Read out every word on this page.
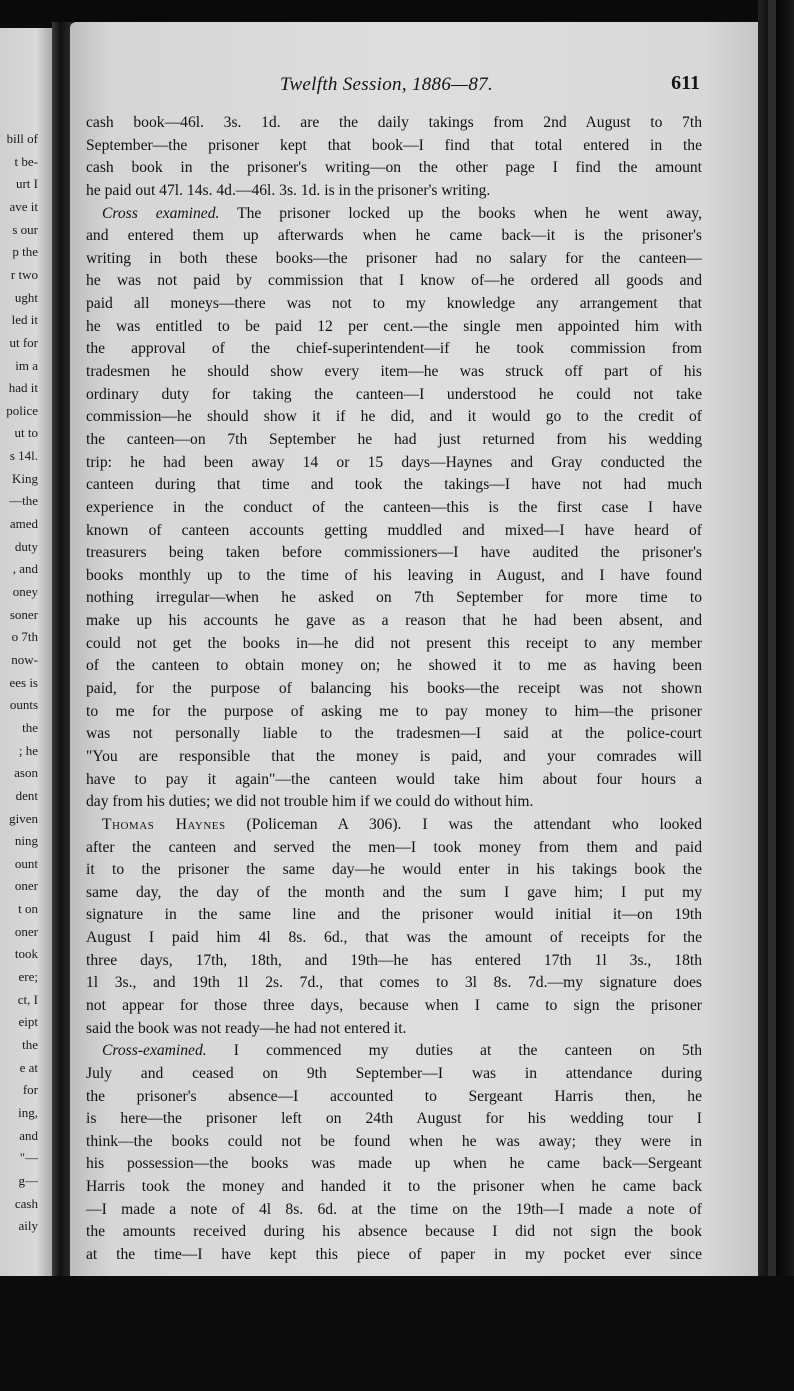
bill of
t be-
urt I
ave it
s our
p the
r two
ught
led it
ut for
im a
had it
police
ut to
s 14l.
King
—the
amed
duty
, and
oney
soner
o 7th
now-
ees is
ounts
the
; he
ason
dent
given
ning
ount
oner
t on
oner
took
ere;
ct, I
eipt
the
e at
for
ing,
and
"—
g—
cash
aily
Twelfth Session, 1886—87.	611
cash book—46l. 3s. 1d. are the daily takings from 2nd August to 7th
September—the prisoner kept that book—I find that total entered in the
cash book in the prisoner's writing—on the other page I find the amount
he paid out 47l. 14s. 4d.—46l. 3s. 1d. is in the prisoner's writing.
Cross examined. The prisoner locked up the books when he went away,
and entered them up afterwards when he came back—it is the prisoner's
writing in both these books—the prisoner had no salary for the canteen—
he was not paid by commission that I know of—he ordered all goods and
paid all moneys—there was not to my knowledge any arrangement that
he was entitled to be paid 12 per cent.—the single men appointed him with
the approval of the chief-superintendent—if he took commission from
tradesmen he should show every item—he was struck off part of his
ordinary duty for taking the canteen—I understood he could not take
commission—he should show it if he did, and it would go to the credit of
the canteen—on 7th September he had just returned from his wedding
trip: he had been away 14 or 15 days—Haynes and Gray conducted the
canteen during that time and took the takings—I have not had much
experience in the conduct of the canteen—this is the first case I have
known of canteen accounts getting muddled and mixed—I have heard of
treasurers being taken before commissioners—I have audited the prisoner's
books monthly up to the time of his leaving in August, and I have found
nothing irregular—when he asked on 7th September for more time to
make up his accounts he gave as a reason that he had been absent, and
could not get the books in—he did not present this receipt to any member
of the canteen to obtain money on; he showed it to me as having been
paid, for the purpose of balancing his books—the receipt was not shown
to me for the purpose of asking me to pay money to him—the prisoner
was not personally liable to the tradesmen—I said at the police-court
"You are responsible that the money is paid, and your comrades will
have to pay it again"—the canteen would take him about four hours a
day from his duties; we did not trouble him if we could do without him.
Thomas Haynes (Policeman A 306). I was the attendant who looked
after the canteen and served the men—I took money from them and paid
it to the prisoner the same day—he would enter in his takings book the
same day, the day of the month and the sum I gave him; I put my
signature in the same line and the prisoner would initial it—on 19th
August I paid him 4l 8s. 6d., that was the amount of receipts for the
three days, 17th, 18th, and 19th—he has entered 17th 1l 3s., 18th
1l 3s., and 19th 1l 2s. 7d., that comes to 3l 8s. 7d.—my signature does
not appear for those three days, because when I came to sign the prisoner
said the book was not ready—he had not entered it.
Cross-examined. I commenced my duties at the canteen on 5th
July and ceased on 9th September—I was in attendance during
the prisoner's absence—I accounted to Sergeant Harris then, he
is here—the prisoner left on 24th August for his wedding tour I
think—the books could not be found when he was away; they were in
his possession—the books was made up when he came back—Sergeant
Harris took the money and handed it to the prisoner when he came back
—I made a note of 4l 8s. 6d. at the time on the 19th—I made a note of
the amounts received during his absence because I did not sign the book
at the time—I have kept this piece of paper in my pocket ever since
